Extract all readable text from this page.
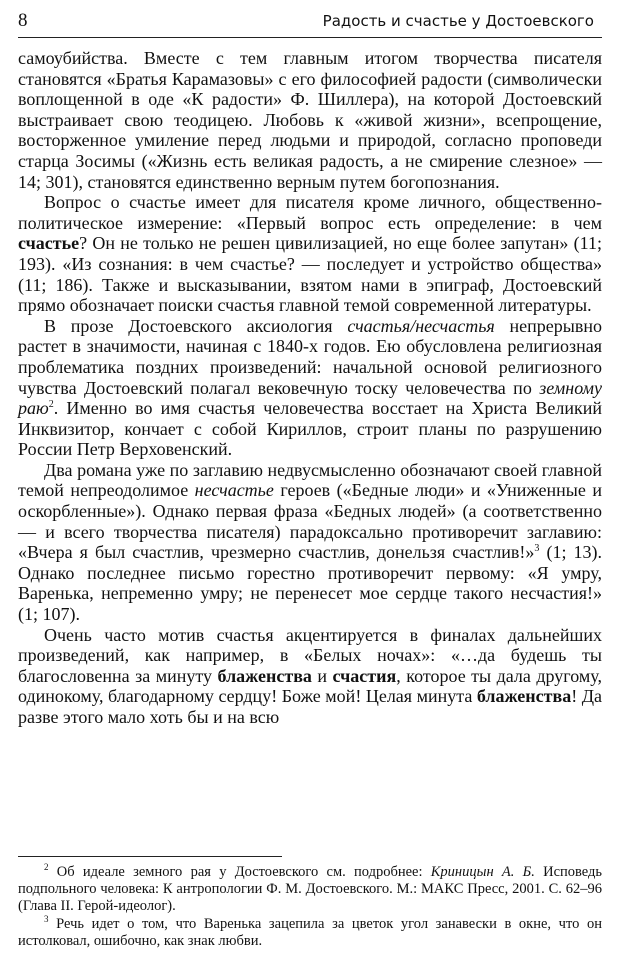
8	Радость и счастье у Достоевского

самоубийства. Вместе с тем главным итогом творчества писателя становятся «Братья Карамазовы» с его философией радости (символически воплощенной в оде «К радости» Ф. Шиллера), на которой Достоевский выстраивает свою теодицею. Любовь к «живой жизни», всепрощение, восторженное умиление перед людьми и природой, согласно проповеди старца Зосимы («Жизнь есть великая радость, а не смирение слезное» — 14; 301), становятся единственно верным путем богопознания.

Вопрос о счастье имеет для писателя кроме личного, общественно-политическое измерение: «Первый вопрос есть определение: в чем счастье? Он не только не решен цивилизацией, но еще более запутан» (11; 193). «Из сознания: в чем счастье? — последует и устройство общества» (11; 186). Также и высказывании, взятом нами в эпиграф, Достоевский прямо обозначает поиски счастья главной темой современной литературы.

В прозе Достоевского аксиология счастья/несчастья непрерывно растет в значимости, начиная с 1840-х годов. Ею обусловлена религиозная проблематика поздних произведений: начальной основой религиозного чувства Достоевский полагал вековечную тоску человечества по земному раю$^2$. Именно во имя счастья человечества восстает на Христа Великий Инквизитор, кончает с собой Кириллов, строит планы по разрушению России Петр Верховенский.

Два романа уже по заглавию недвусмысленно обозначают своей главной темой непреодолимое несчастье героев («Бедные люди» и «Униженные и оскорбленные»). Однако первая фраза «Бедных людей» (а соответственно — и всего творчества писателя) парадоксально противоречит заглавию: «Вчера я был счастлив, чрезмерно счастлив, донельзя счастлив!»$^3$ (1; 13). Однако последнее письмо горестно противоречит первому: «Я умру, Варенька, непременно умру; не перенесет мое сердце такого несчастия!» (1; 107).

Очень часто мотив счастья акцентируется в финалах дальнейших произведений, как например, в «Белых ночах»: «…да будешь ты благословенна за минуту блаженства и счастия, которое ты дала другому, одинокому, благодарному сердцу! Боже мой! Целая минута блаженства! Да разве этого мало хоть бы и на всю

$^2$ Об идеале земного рая у Достоевского см. подробнее: Криницын А. Б. Исповедь подпольного человека: К антропологии Ф. М. Достоевского. М.: МАКС Пресс, 2001. С. 62–96 (Глава II. Герой-идеолог).

$^3$ Речь идет о том, что Варенька зацепила за цветок угол занавески в окне, что он истолковал, ошибочно, как знак любви.
